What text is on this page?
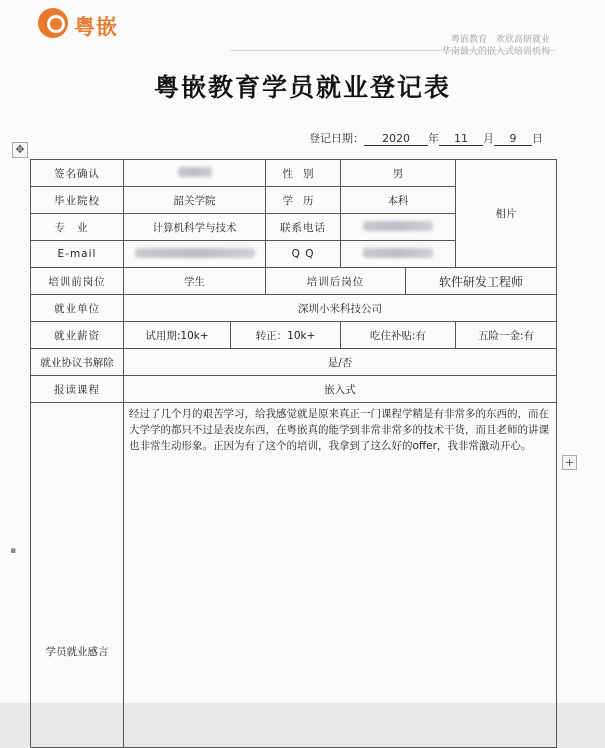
粤嵌
粤嵌教育　欢欣高研就业
华南最大的嵌入式培训机构
粤嵌教育学员就业登记表
登记日期： 2020 年 11 月 9 日
✥
+
▪
签名确认			性别	男		相片
毕业院校	韶关学院		学历	本科		
专业	计算机科学与技术		联系电话			
E-mail			Q Q			
培训前岗位	学生		培训后岗位		软件研发工程师	
就业单位	深圳小米科技公司					
就业薪资	试用期:10k+	转正：10k+		吃住补贴:有		五险一金:有
就业协议书解除	是/否					
报读课程	嵌入式					
学员就业感言	经过了几个月的艰苦学习，给我感觉就是原来真正一门课程学精是有非常多的东西的，而在大学学的都只不过是表皮东西，在粤嵌真的能学到非常非常多的技术干货，而且老师的讲课也非常生动形象。正因为有了这个的培训，我拿到了这么好的offer，我非常激动开心。					
